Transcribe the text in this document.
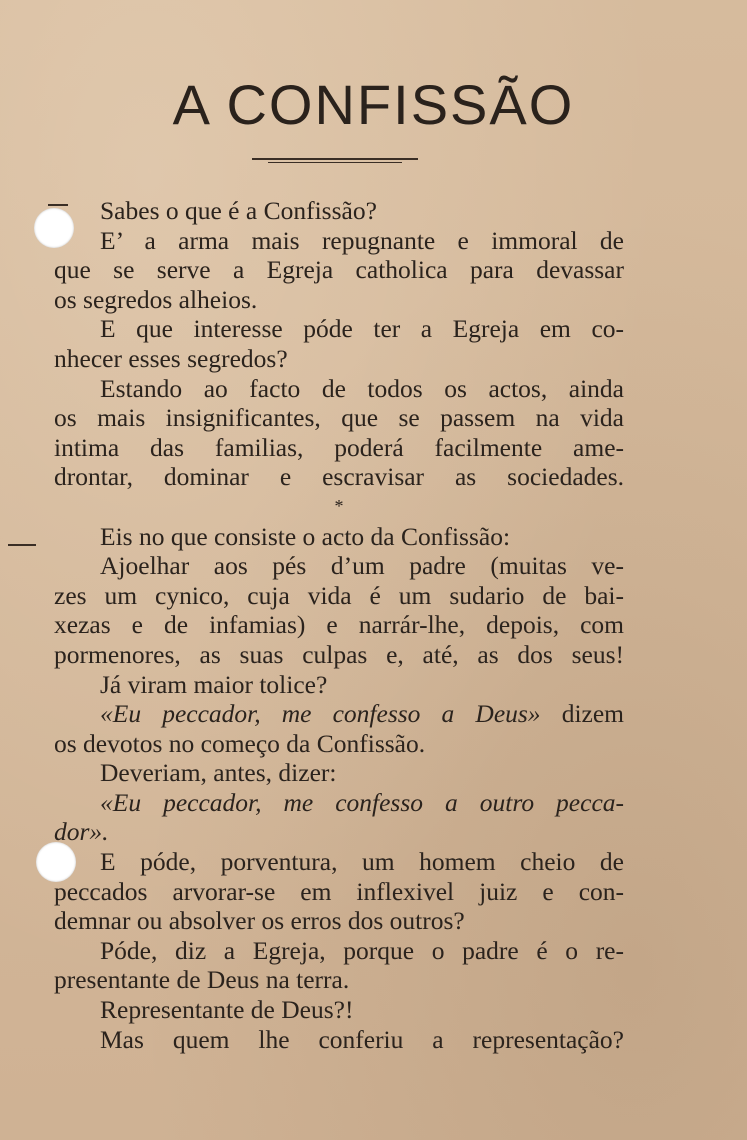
A CONFISSÃO
Sabes o que é a Confissão?
E’ a arma mais repugnante e immoral de
que se serve a Egreja catholica para devassar
os segredos alheios.
E que interesse póde ter a Egreja em co-
nhecer esses segredos?
Estando ao facto de todos os actos, ainda
os mais insignificantes, que se passem na vida
intima das familias, poderá facilmente ame-
drontar, dominar e escravisar as sociedades.
*
Eis no que consiste o acto da Confissão:
Ajoelhar aos pés d’um padre (muitas ve-
zes um cynico, cuja vida é um sudario de bai-
xezas e de infamias) e narrár-lhe, depois, com
pormenores, as suas culpas e, até, as dos seus!
Já viram maior tolice?
«Eu peccador, me confesso a Deus» dizem
os devotos no começo da Confissão.
Deveriam, antes, dizer:
«Eu peccador, me confesso a outro pecca-
dor».
E póde, porventura, um homem cheio de
peccados arvorar-se em inflexivel juiz e con-
demnar ou absolver os erros dos outros?
Póde, diz a Egreja, porque o padre é o re-
presentante de Deus na terra.
Representante de Deus?!
Mas quem lhe conferiu a representação?
